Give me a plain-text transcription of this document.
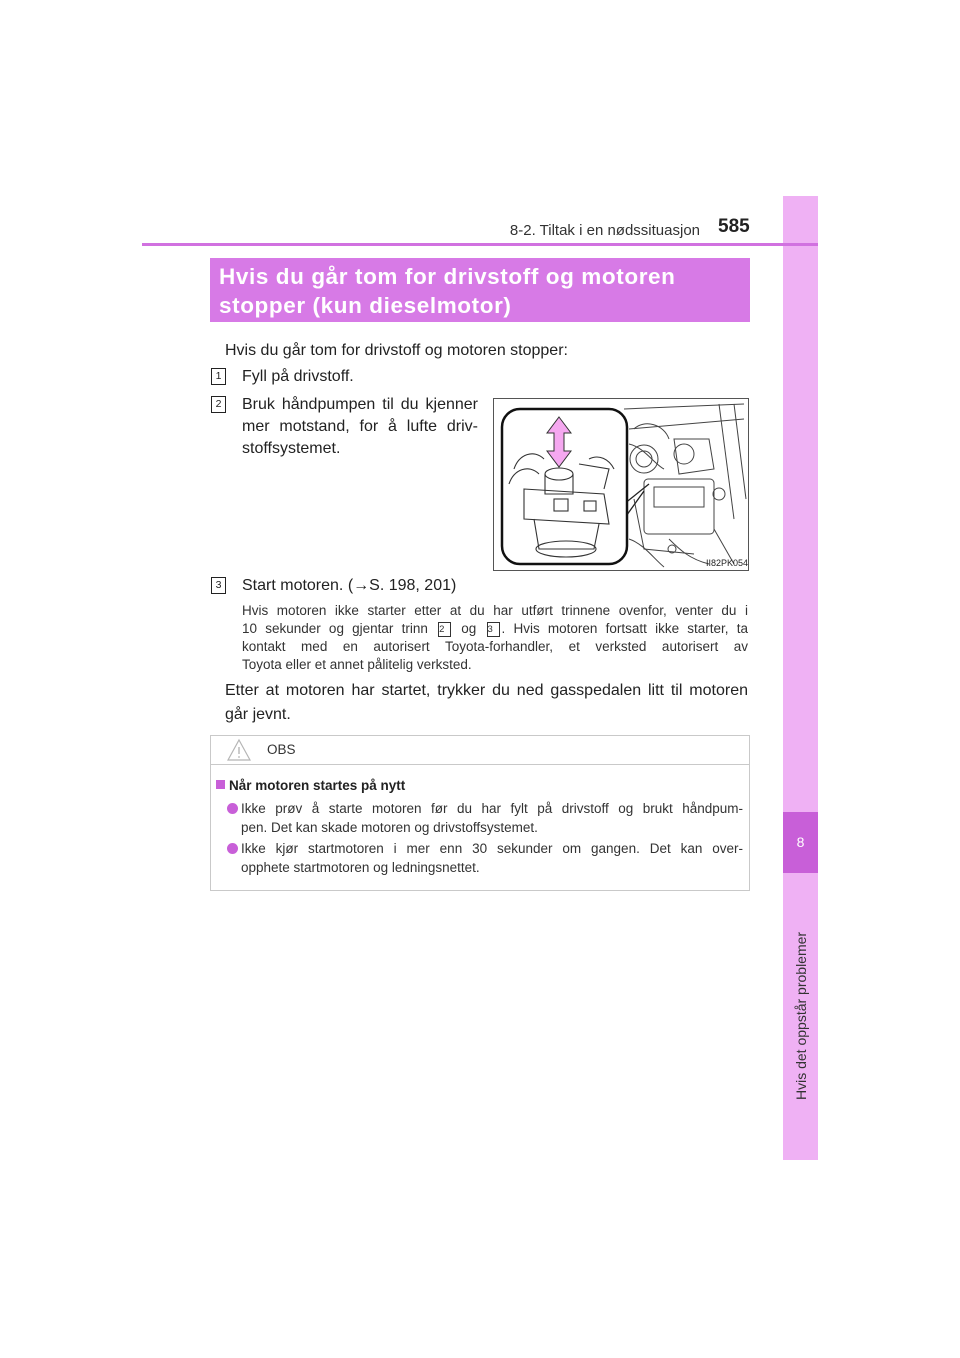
8
Hvis det oppstår problemer
8-2. Tiltak i en nødssituasjon 585
Hvis du går tom for drivstoff og motoren
stopper (kun dieselmotor)
Hvis du går tom for drivstoff og motoren stopper:
1 Fyll på drivstoff.
2 Bruk håndpumpen til du kjenner
mer motstand, for å lufte driv-
stoffsystemet.
II82PK054
3 Start motoren. (→S. 198, 201)
Hvis motoren ikke starter etter at du har utført trinnene ovenfor, venter du i
10 sekunder og gjentar trinn 2 og 3 . Hvis motoren fortsatt ikke starter, ta
kontakt med en autorisert Toyota-forhandler, et verksted autorisert av
Toyota eller et annet pålitelig verksted.
Etter at motoren har startet, trykker du ned gasspedalen litt til motoren
går jevnt.
OBS
Når motoren startes på nytt
Ikke prøv å starte motoren før du har fylt på drivstoff og brukt håndpum-
pen. Det kan skade motoren og drivstoffsystemet.
Ikke kjør startmotoren i mer enn 30 sekunder om gangen. Det kan over-
opphete startmotoren og ledningsnettet.
